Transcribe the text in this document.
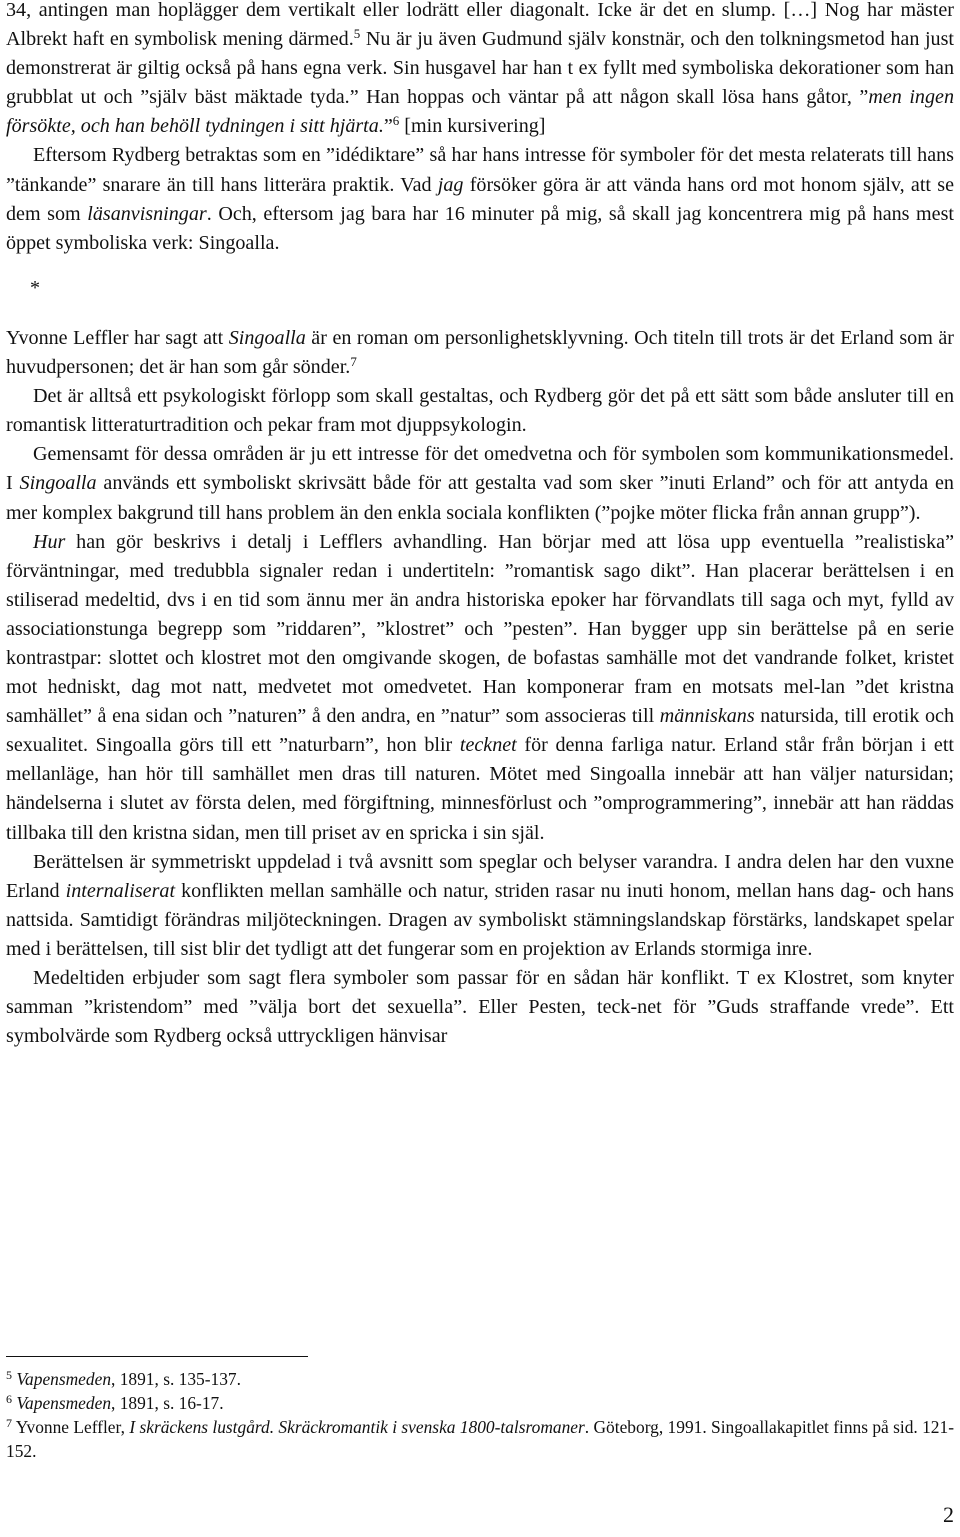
34, antingen man hoplägger dem vertikalt eller lodrätt eller diagonalt. Icke är det en slump. […] Nog har mäster Albrekt haft en symbolisk mening därmed.$^5$ Nu är ju även Gudmund själv konstnär, och den tolkningsmetod han just demonstrerat är giltig också på hans egna verk. Sin husgavel har han t ex fyllt med symboliska dekorationer som han grubblat ut och ”själv bäst mäktade tyda.” Han hoppas och väntar på att någon skall lösa hans gåtor, ”men ingen försökte, och han behöll tydningen i sitt hjärta.”$^6$ [min kursivering]

Eftersom Rydberg betraktas som en ”idédiktare” så har hans intresse för symboler för det mesta relaterats till hans ”tänkande” snarare än till hans litterära praktik. Vad jag försöker göra är att vända hans ord mot honom själv, att se dem som läsanvisningar. Och, eftersom jag bara har 16 minuter på mig, så skall jag koncentrera mig på hans mest öppet symboliska verk: Singoalla.

*

Yvonne Leffler har sagt att Singoalla är en roman om personlighetsklyvning. Och titeln till trots är det Erland som är huvudpersonen; det är han som går sönder.$^7$

Det är alltså ett psykologiskt förlopp som skall gestaltas, och Rydberg gör det på ett sätt som både ansluter till en romantisk litteraturtradition och pekar fram mot djuppsykologin.

Gemensamt för dessa områden är ju ett intresse för det omedvetna och för symbolen som kommunikationsmedel. I Singoalla används ett symboliskt skrivsätt både för att gestalta vad som sker ”inuti Erland” och för att antyda en mer komplex bakgrund till hans problem än den enkla sociala konflikten (”pojke möter flicka från annan grupp”).

Hur han gör beskrivs i detalj i Lefflers avhandling. Han börjar med att lösa upp eventuella ”realistiska” förväntningar, med tredubbla signaler redan i undertiteln: ”romantisk sago dikt”. Han placerar berättelsen i en stiliserad medeltid, dvs i en tid som ännu mer än andra historiska epoker har förvandlats till saga och myt, fylld av associationstunga begrepp som ”riddaren”, ”klostret” och ”pesten”. Han bygger upp sin berättelse på en serie kontrastpar: slottet och klostret mot den omgivande skogen, de bofastas samhälle mot det vandrande folket, kristet mot hedniskt, dag mot natt, medvetet mot omedvetet. Han komponerar fram en motsats mel-lan ”det kristna samhället” å ena sidan och ”naturen” å den andra, en ”natur” som associeras till människans natursida, till erotik och sexualitet. Singoalla görs till ett ”naturbarn”, hon blir tecknet för denna farliga natur. Erland står från början i ett mellanläge, han hör till samhället men dras till naturen. Mötet med Singoalla innebär att han väljer natursidan; händelserna i slutet av första delen, med förgiftning, minnesförlust och ”omprogrammering”, innebär att han räddas tillbaka till den kristna sidan, men till priset av en spricka i sin själ.

Berättelsen är symmetriskt uppdelad i två avsnitt som speglar och belyser varandra. I andra delen har den vuxne Erland internaliserat konflikten mellan samhälle och natur, striden rasar nu inuti honom, mellan hans dag- och hans nattsida. Samtidigt förändras miljöteckningen. Dragen av symboliskt stämningslandskap förstärks, landskapet spelar med i berättelsen, till sist blir det tydligt att det fungerar som en projektion av Erlands stormiga inre.

Medeltiden erbjuder som sagt flera symboler som passar för en sådan här konflikt. T ex Klostret, som knyter samman ”kristendom” med ”välja bort det sexuella”. Eller Pesten, teck-net för ”Guds straffande vrede”. Ett symbolvärde som Rydberg också uttryckligen hänvisar

$^5$ Vapensmeden, 1891, s. 135-137.

$^6$ Vapensmeden, 1891, s. 16-17.

$^7$ Yvonne Leffler, I skräckens lustgård. Skräckromantik i svenska 1800-talsromaner. Göteborg, 1991. Singoallakapitlet finns på sid. 121-152.

2
